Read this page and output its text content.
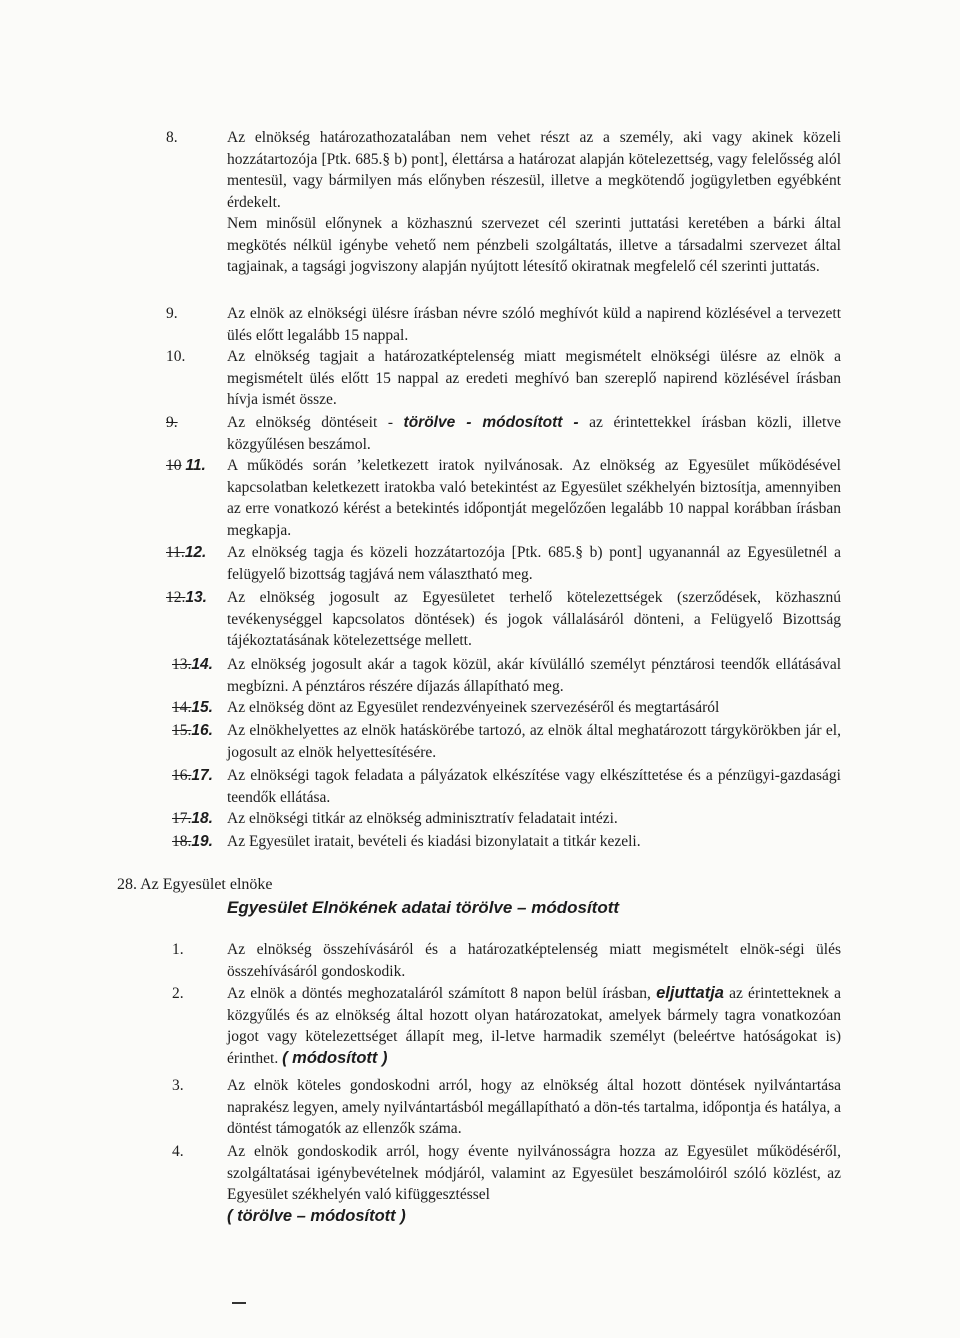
8.	Az elnökség határozathozatalában nem vehet részt az a személy, aki vagy akinek közeli hozzátartozója [Ptk. 685.§ b) pont], élettársa a határozat alapján kötelezettség, vagy felelősség alól mentesül, vagy bármilyen más előnyben részesül, illetve a megkötendő jogügyletben egyébként érdekelt.
Nem minősül előnynek a közhasznú szervezet cél szerinti juttatási keretében a bárki által megkötés nélkül igénybe vehető nem pénzbeli szolgáltatás, illetve a társadalmi szervezet által tagjainak, a tagsági jogviszony alapján nyújtott létesítő okiratnak megfelelő cél szerinti juttatás.
9.	Az elnök az elnökségi ülésre írásban névre szóló meghívót küld a napirend közlésével a tervezett ülés előtt legalább 15 nappal.
10.	Az elnökség tagjait a határozatképtelenség miatt megismételt elnökségi ülésre az elnök a megismételt ülés előtt 15 nappal az eredeti meghívó ban szereplő napirend közlésével írásban hívja ismét össze.
9.	Az elnökség döntéseit - törölve - módosított - az érintettekkel írásban közli, illetve közgyűlésen beszámol.
10 11. A működés során ’keletkezett iratok nyilvánosak. Az elnökség az Egyesület működésével kapcsolatban keletkezett iratokba való betekintést az Egyesület székhelyén biztosítja, amennyiben az erre vonatkozó kérést a betekintés időpontját megelőzően legalább 10 nappal korábban írásban megkapja.
11.12. Az elnökség tagja és közeli hozzátartozója [Ptk. 685.§ b) pont] ugyanannál az Egyesületnél a felügyelő bizottság tagjává nem választható meg.
12.13. Az elnökség jogosult az Egyesületet terhelő kötelezettségek (szerződések, közhasznú tevékenységgel kapcsolatos döntések) és jogok vállalásáról dönteni, a Felügyelő Bizottság tájékoztatásának kötelezettsége mellett.
13.14. Az elnökség jogosult akár a tagok közül, akár kívülálló személyt pénztárosi teendők ellátásával megbízni. A pénztáros részére díjazás állapítható meg.
14.15. Az elnökség dönt az Egyesület rendezvényeinek szervezéséről és megtartásáról
15.16. Az elnökhelyettes az elnök hatáskörébe tartozó, az elnök által meghatározott tárgykörökben jár el, jogosult az elnök helyettesítésére.
16.17. Az elnökségi tagok feladata a pályázatok elkészítése vagy elkészíttetése és a pénzügyi-gazdasági teendők ellátása.
17.18. Az elnökségi titkár az elnökség adminisztratív feladatait intézi.
18.19. Az Egyesület iratait, bevételi és kiadási bizonylatait a titkár kezeli.
28. Az Egyesület elnöke
Egyesület Elnökének adatai törölve – módosított
1.	Az elnökség összehívásáról és a határozatképtelenség miatt megismételt elnök-ségi ülés összehívásáról gondoskodik.
2.	Az elnök a döntés meghozataláról számított 8 napon belül írásban, eljuttatja az érintetteknek a közgyűlés és az elnökség által hozott olyan határozatokat, amelyek bármely tagra vonatkozóan jogot vagy kötelezettséget állapít meg, il-letve harmadik személyt (beleértve hatóságokat is) érinthet. ( módosított )
3.	Az elnök köteles gondoskodni arról, hogy az elnökség által hozott döntések nyilvántartása naprakész legyen, amely nyilvántartásból megállapítható a dön-tés tartalma, időpontja és hatálya, a döntést támogatók az ellenzők száma.
4.	Az elnök gondoskodik arról, hogy évente nyilvánosságra hozza az Egyesület működéséről, szolgáltatásai igénybevételnek módjáról, valamint az Egyesület beszámolóiról szóló közlést, az Egyesület székhelyén való kifüggesztéssel
( törölve – módosított )
